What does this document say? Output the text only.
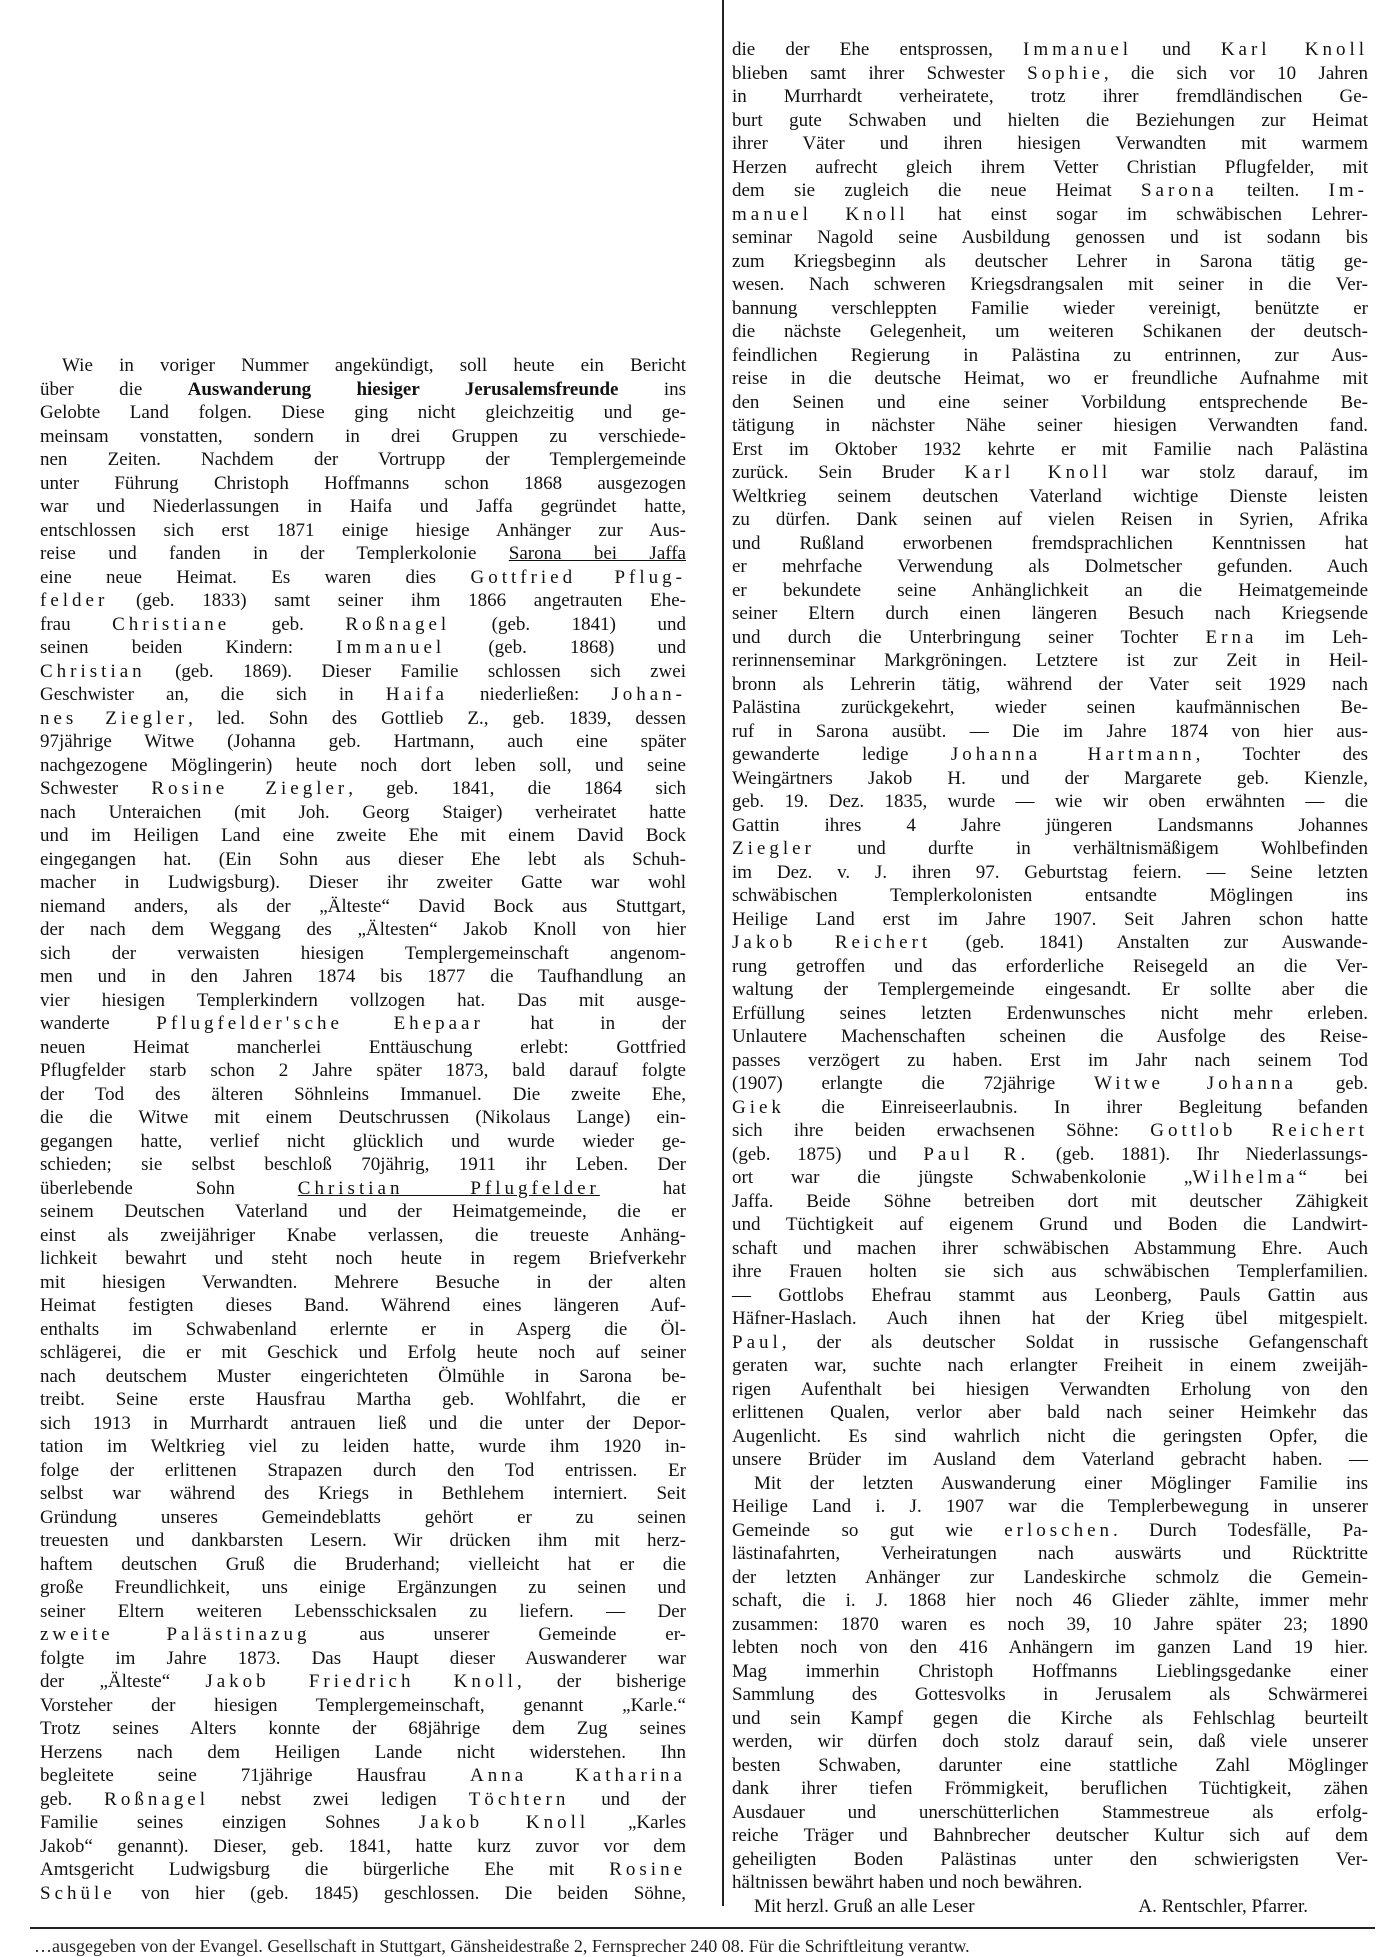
Wie in voriger Nummer angekündigt, soll heute ein Bericht
über die Auswanderung hiesiger Jerusalemsfreunde ins
Gelobte Land folgen. Diese ging nicht gleichzeitig und ge-
meinsam vonstatten, sondern in drei Gruppen zu verschiede-
nen Zeiten. Nachdem der Vortrupp der Templergemeinde
unter Führung Christoph Hoffmanns schon 1868 ausgezogen
war und Niederlassungen in Haifa und Jaffa gegründet hatte,
entschlossen sich erst 1871 einige hiesige Anhänger zur Aus-
reise und fanden in der Templerkolonie Sarona bei Jaffa
eine neue Heimat. Es waren dies Gottfried Pflug-
felder (geb. 1833) samt seiner ihm 1866 angetrauten Ehe-
frau Christiane geb. Roßnagel (geb. 1841) und
seinen beiden Kindern: Immanuel (geb. 1868) und
Christian (geb. 1869). Dieser Familie schlossen sich zwei
Geschwister an, die sich in Haifa niederließen: Johan-
nes Ziegler, led. Sohn des Gottlieb Z., geb. 1839, dessen
97jährige Witwe (Johanna geb. Hartmann, auch eine später
nachgezogene Möglingerin) heute noch dort leben soll, und seine
Schwester Rosine Ziegler, geb. 1841, die 1864 sich
nach Unteraichen (mit Joh. Georg Staiger) verheiratet hatte
und im Heiligen Land eine zweite Ehe mit einem David Bock
eingegangen hat. (Ein Sohn aus dieser Ehe lebt als Schuh-
macher in Ludwigsburg). Dieser ihr zweiter Gatte war wohl
niemand anders, als der „Älteste“ David Bock aus Stuttgart,
der nach dem Weggang des „Ältesten“ Jakob Knoll von hier
sich der verwaisten hiesigen Templergemeinschaft angenom-
men und in den Jahren 1874 bis 1877 die Taufhandlung an
vier hiesigen Templerkindern vollzogen hat. Das mit ausge-
wanderte Pflugfelder'sche Ehepaar hat in der
neuen Heimat mancherlei Enttäuschung erlebt: Gottfried
Pflugfelder starb schon 2 Jahre später 1873, bald darauf folgte
der Tod des älteren Söhnleins Immanuel. Die zweite Ehe,
die die Witwe mit einem Deutschrussen (Nikolaus Lange) ein-
gegangen hatte, verlief nicht glücklich und wurde wieder ge-
schieden; sie selbst beschloß 70jährig, 1911 ihr Leben. Der
überlebende Sohn Christian Pflugfelder hat
seinem Deutschen Vaterland und der Heimatgemeinde, die er
einst als zweijähriger Knabe verlassen, die treueste Anhäng-
lichkeit bewahrt und steht noch heute in regem Briefverkehr
mit hiesigen Verwandten. Mehrere Besuche in der alten
Heimat festigten dieses Band. Während eines längeren Auf-
enthalts im Schwabenland erlernte er in Asperg die Öl-
schlägerei, die er mit Geschick und Erfolg heute noch auf seiner
nach deutschem Muster eingerichteten Ölmühle in Sarona be-
treibt. Seine erste Hausfrau Martha geb. Wohlfahrt, die er
sich 1913 in Murrhardt antrauen ließ und die unter der Depor-
tation im Weltkrieg viel zu leiden hatte, wurde ihm 1920 in-
folge der erlittenen Strapazen durch den Tod entrissen. Er
selbst war während des Kriegs in Bethlehem interniert. Seit
Gründung unseres Gemeindeblatts gehört er zu seinen
treuesten und dankbarsten Lesern. Wir drücken ihm mit herz-
haftem deutschen Gruß die Bruderhand; vielleicht hat er die
große Freundlichkeit, uns einige Ergänzungen zu seinen und
seiner Eltern weiteren Lebensschicksalen zu liefern. — Der
zweite Palästinazug aus unserer Gemeinde er-
folgte im Jahre 1873. Das Haupt dieser Auswanderer war
der „Älteste“ Jakob Friedrich Knoll, der bisherige
Vorsteher der hiesigen Templergemeinschaft, genannt „Karle.“
Trotz seines Alters konnte der 68jährige dem Zug seines
Herzens nach dem Heiligen Lande nicht widerstehen. Ihn
begleitete seine 71jährige Hausfrau Anna Katharina
geb. Roßnagel nebst zwei ledigen Töchtern und der
Familie seines einzigen Sohnes Jakob Knoll „Karles
Jakob“ genannt). Dieser, geb. 1841, hatte kurz zuvor vor dem
Amtsgericht Ludwigsburg die bürgerliche Ehe mit Rosine
Schüle von hier (geb. 1845) geschlossen. Die beiden Söhne,
die der Ehe entsprossen, Immanuel und Karl Knoll
blieben samt ihrer Schwester Sophie, die sich vor 10 Jahren
in Murrhardt verheiratete, trotz ihrer fremdländischen Ge-
burt gute Schwaben und hielten die Beziehungen zur Heimat
ihrer Väter und ihren hiesigen Verwandten mit warmem
Herzen aufrecht gleich ihrem Vetter Christian Pflugfelder, mit
dem sie zugleich die neue Heimat Sarona teilten. Im-
manuel Knoll hat einst sogar im schwäbischen Lehrer-
seminar Nagold seine Ausbildung genossen und ist sodann bis
zum Kriegsbeginn als deutscher Lehrer in Sarona tätig ge-
wesen. Nach schweren Kriegsdrangsalen mit seiner in die Ver-
bannung verschleppten Familie wieder vereinigt, benützte er
die nächste Gelegenheit, um weiteren Schikanen der deutsch-
feindlichen Regierung in Palästina zu entrinnen, zur Aus-
reise in die deutsche Heimat, wo er freundliche Aufnahme mit
den Seinen und eine seiner Vorbildung entsprechende Be-
tätigung in nächster Nähe seiner hiesigen Verwandten fand.
Erst im Oktober 1932 kehrte er mit Familie nach Palästina
zurück. Sein Bruder Karl Knoll war stolz darauf, im
Weltkrieg seinem deutschen Vaterland wichtige Dienste leisten
zu dürfen. Dank seinen auf vielen Reisen in Syrien, Afrika
und Rußland erworbenen fremdsprachlichen Kenntnissen hat
er mehrfache Verwendung als Dolmetscher gefunden. Auch
er bekundete seine Anhänglichkeit an die Heimatgemeinde
seiner Eltern durch einen längeren Besuch nach Kriegsende
und durch die Unterbringung seiner Tochter Erna im Leh-
rerinnenseminar Markgröningen. Letztere ist zur Zeit in Heil-
bronn als Lehrerin tätig, während der Vater seit 1929 nach
Palästina zurückgekehrt, wieder seinen kaufmännischen Be-
ruf in Sarona ausübt. — Die im Jahre 1874 von hier aus-
gewanderte ledige Johanna Hartmann, Tochter des
Weingärtners Jakob H. und der Margarete geb. Kienzle,
geb. 19. Dez. 1835, wurde — wie wir oben erwähnten — die
Gattin ihres 4 Jahre jüngeren Landsmanns Johannes
Ziegler und durfte in verhältnismäßigem Wohlbefinden
im Dez. v. J. ihren 97. Geburtstag feiern. — Seine letzten
schwäbischen Templerkolonisten entsandte Möglingen ins
Heilige Land erst im Jahre 1907. Seit Jahren schon hatte
Jakob Reichert (geb. 1841) Anstalten zur Auswande-
rung getroffen und das erforderliche Reisegeld an die Ver-
waltung der Templergemeinde eingesandt. Er sollte aber die
Erfüllung seines letzten Erdenwunsches nicht mehr erleben.
Unlautere Machenschaften scheinen die Ausfolge des Reise-
passes verzögert zu haben. Erst im Jahr nach seinem Tod
(1907) erlangte die 72jährige Witwe Johanna geb.
Giek die Einreiseerlaubnis. In ihrer Begleitung befanden
sich ihre beiden erwachsenen Söhne: Gottlob Reichert
(geb. 1875) und Paul R. (geb. 1881). Ihr Niederlassungs-
ort war die jüngste Schwabenkolonie „Wilhelma“ bei
Jaffa. Beide Söhne betreiben dort mit deutscher Zähigkeit
und Tüchtigkeit auf eigenem Grund und Boden die Landwirt-
schaft und machen ihrer schwäbischen Abstammung Ehre. Auch
ihre Frauen holten sie sich aus schwäbischen Templerfamilien.
— Gottlobs Ehefrau stammt aus Leonberg, Pauls Gattin aus
Häfner-Haslach. Auch ihnen hat der Krieg übel mitgespielt.
Paul, der als deutscher Soldat in russische Gefangenschaft
geraten war, suchte nach erlangter Freiheit in einem zweijäh-
rigen Aufenthalt bei hiesigen Verwandten Erholung von den
erlittenen Qualen, verlor aber bald nach seiner Heimkehr das
Augenlicht. Es sind wahrlich nicht die geringsten Opfer, die
unsere Brüder im Ausland dem Vaterland gebracht haben. —
Mit der letzten Auswanderung einer Möglinger Familie ins
Heilige Land i. J. 1907 war die Templerbewegung in unserer
Gemeinde so gut wie erloschen. Durch Todesfälle, Pa-
lästinafahrten, Verheiratungen nach auswärts und Rücktritte
der letzten Anhänger zur Landeskirche schmolz die Gemein-
schaft, die i. J. 1868 hier noch 46 Glieder zählte, immer mehr
zusammen: 1870 waren es noch 39, 10 Jahre später 23; 1890
lebten noch von den 416 Anhängern im ganzen Land 19 hier.
Mag immerhin Christoph Hoffmanns Lieblingsgedanke einer
Sammlung des Gottesvolks in Jerusalem als Schwärmerei
und sein Kampf gegen die Kirche als Fehlschlag beurteilt
werden, wir dürfen doch stolz darauf sein, daß viele unserer
besten Schwaben, darunter eine stattliche Zahl Möglinger
dank ihrer tiefen Frömmigkeit, beruflichen Tüchtigkeit, zähen
Ausdauer und unerschütterlichen Stammestreue als erfolg-
reiche Träger und Bahnbrecher deutscher Kultur sich auf dem
geheiligten Boden Palästinas unter den schwierigsten Ver-
hältnissen bewährt haben und noch bewähren.
Mit herzl. Gruß an alle Leser	A. Rentschler, Pfarrer.
…ausgegeben von der Evangel. Gesellschaft in Stuttgart, Gänsheidestraße 2, Fernsprecher 240 08. Für die Schriftleitung verantw.
